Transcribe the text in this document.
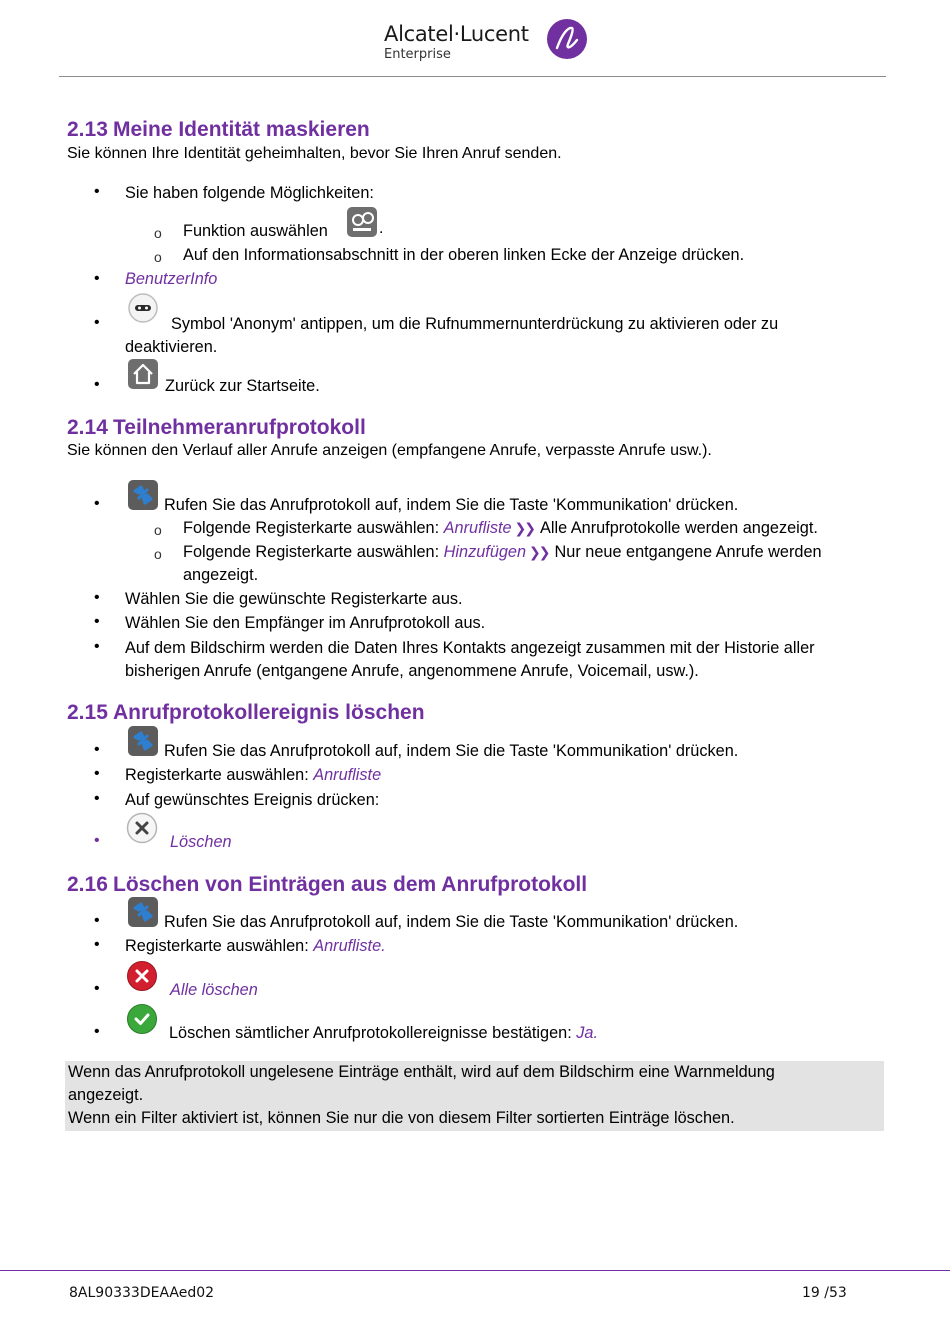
Alcatel·Lucent
Enterprise
2.13 Meine Identität maskieren
Sie können Ihre Identität geheimhalten, bevor Sie Ihren Anruf senden.
• Sie haben folgende Möglichkeiten:
o Funktion auswählen	.
o Auf den Informationsabschnitt in der oberen linken Ecke der Anzeige drücken.
• BenutzerInfo
•	Symbol 'Anonym' antippen, um die Rufnummernunterdrückung zu aktivieren oder zu
deaktivieren.
•	Zurück zur Startseite.
2.14 Teilnehmeranrufprotokoll
Sie können den Verlauf aller Anrufe anzeigen (empfangene Anrufe, verpasste Anrufe usw.).
•	Rufen Sie das Anrufprotokoll auf, indem Sie die Taste 'Kommunikation' drücken.
o Folgende Registerkarte auswählen: Anrufliste ❯❯ Alle Anrufprotokolle werden angezeigt.
o Folgende Registerkarte auswählen: Hinzufügen ❯❯ Nur neue entgangene Anrufe werden
angezeigt.
• Wählen Sie die gewünschte Registerkarte aus.
• Wählen Sie den Empfänger im Anrufprotokoll aus.
• Auf dem Bildschirm werden die Daten Ihres Kontakts angezeigt zusammen mit der Historie aller
bisherigen Anrufe (entgangene Anrufe, angenommene Anrufe, Voicemail, usw.).
2.15 Anrufprotokollereignis löschen
•	Rufen Sie das Anrufprotokoll auf, indem Sie die Taste 'Kommunikation' drücken.
• Registerkarte auswählen: Anrufliste
• Auf gewünschtes Ereignis drücken:
•	Löschen
2.16 Löschen von Einträgen aus dem Anrufprotokoll
•	Rufen Sie das Anrufprotokoll auf, indem Sie die Taste 'Kommunikation' drücken.
• Registerkarte auswählen: Anrufliste.
•	Alle löschen
•	Löschen sämtlicher Anrufprotokollereignisse bestätigen: Ja.

Wenn das Anrufprotokoll ungelesene Einträge enthält, wird auf dem Bildschirm eine Warnmeldung

angezeigt.

Wenn ein Filter aktiviert ist, können Sie nur die von diesem Filter sortierten Einträge löschen.

8AL90333DEAAed02	19 /53
